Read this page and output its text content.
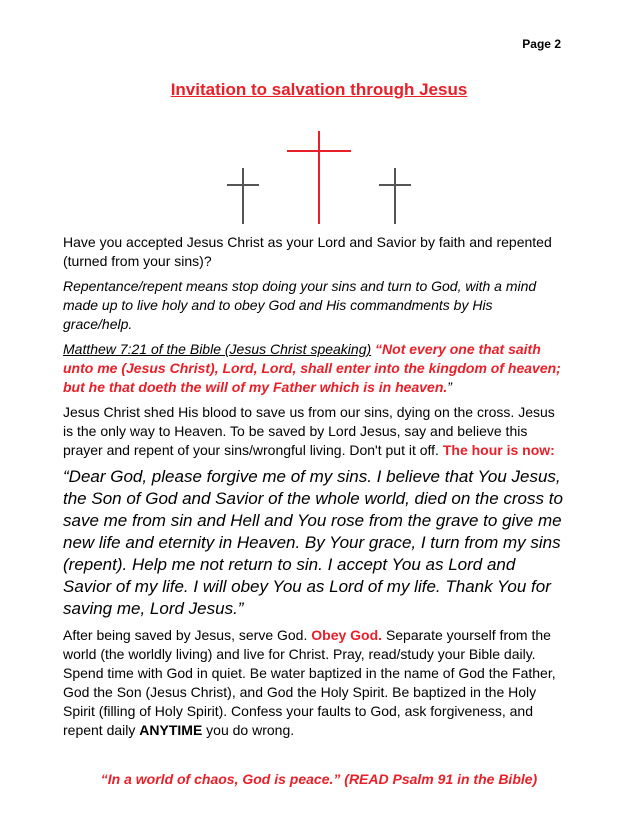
Page 2
Invitation to salvation through Jesus

Have you accepted Jesus Christ as your Lord and Savior by faith and repented (turned from your sins)?

Repentance/repent means stop doing your sins and turn to God, with a mind made up to live holy and to obey God and His commandments by His grace/help.

Matthew 7:21 of the Bible (Jesus Christ speaking) “Not every one that saith unto me (Jesus Christ), Lord, Lord, shall enter into the kingdom of heaven; but he that doeth the will of my Father which is in heaven.”

Jesus Christ shed His blood to save us from our sins, dying on the cross. Jesus is the only way to Heaven. To be saved by Lord Jesus, say and believe this prayer and repent of your sins/wrongful living. Don't put it off. The hour is now:

“Dear God, please forgive me of my sins. I believe that You Jesus, the Son of God and Savior of the whole world, died on the cross to save me from sin and Hell and You rose from the grave to give me new life and eternity in Heaven. By Your grace, I turn from my sins (repent). Help me not return to sin. I accept You as Lord and Savior of my life. I will obey You as Lord of my life. Thank You for saving me, Lord Jesus.”

After being saved by Jesus, serve God. Obey God. Separate yourself from the world (the worldly living) and live for Christ. Pray, read/study your Bible daily. Spend time with God in quiet. Be water baptized in the name of God the Father, God the Son (Jesus Christ), and God the Holy Spirit. Be baptized in the Holy Spirit (filling of Holy Spirit). Confess your faults to God, ask forgiveness, and repent daily ANYTIME you do wrong.

“In a world of chaos, God is peace.” (READ Psalm 91 in the Bible)
